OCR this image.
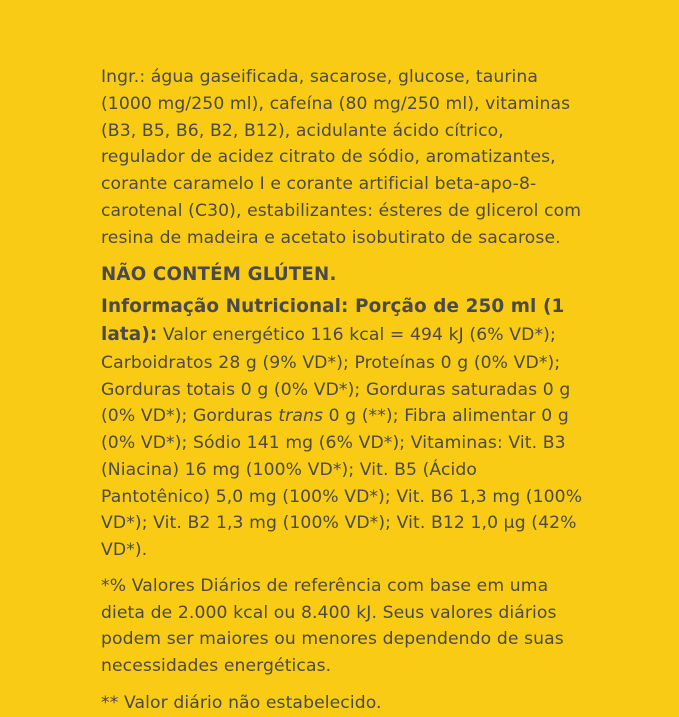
Ingr.: água gaseificada, sacarose, glucose, taurina (1000 mg/250 ml), cafeína (80 mg/250 ml), vitaminas (B3, B5, B6, B2, B12), acidulante ácido cítrico, regulador de acidez citrato de sódio, aromatizantes, corante caramelo I e corante artificial beta-apo-8-carotenal (C30), estabilizantes: ésteres de glicerol com resina de madeira e acetato isobutirato de sacarose.

NÃO CONTÉM GLÚTEN.

Informação Nutricional: Porção de 250 ml (1 lata): Valor energético 116 kcal = 494 kJ (6% VD*); Carboidratos 28 g (9% VD*); Proteínas 0 g (0% VD*); Gorduras totais 0 g (0% VD*); Gorduras saturadas 0 g (0% VD*); Gorduras trans 0 g (**); Fibra alimentar 0 g (0% VD*); Sódio 141 mg (6% VD*); Vitaminas: Vit. B3 (Niacina) 16 mg (100% VD*); Vit. B5 (Ácido Pantotênico) 5,0 mg (100% VD*); Vit. B6 1,3 mg (100% VD*); Vit. B2 1,3 mg (100% VD*); Vit. B12 1,0 µg (42% VD*).

*% Valores Diários de referência com base em uma dieta de 2.000 kcal ou 8.400 kJ. Seus valores diários podem ser maiores ou menores dependendo de suas necessidades energéticas.

** Valor diário não estabelecido.
